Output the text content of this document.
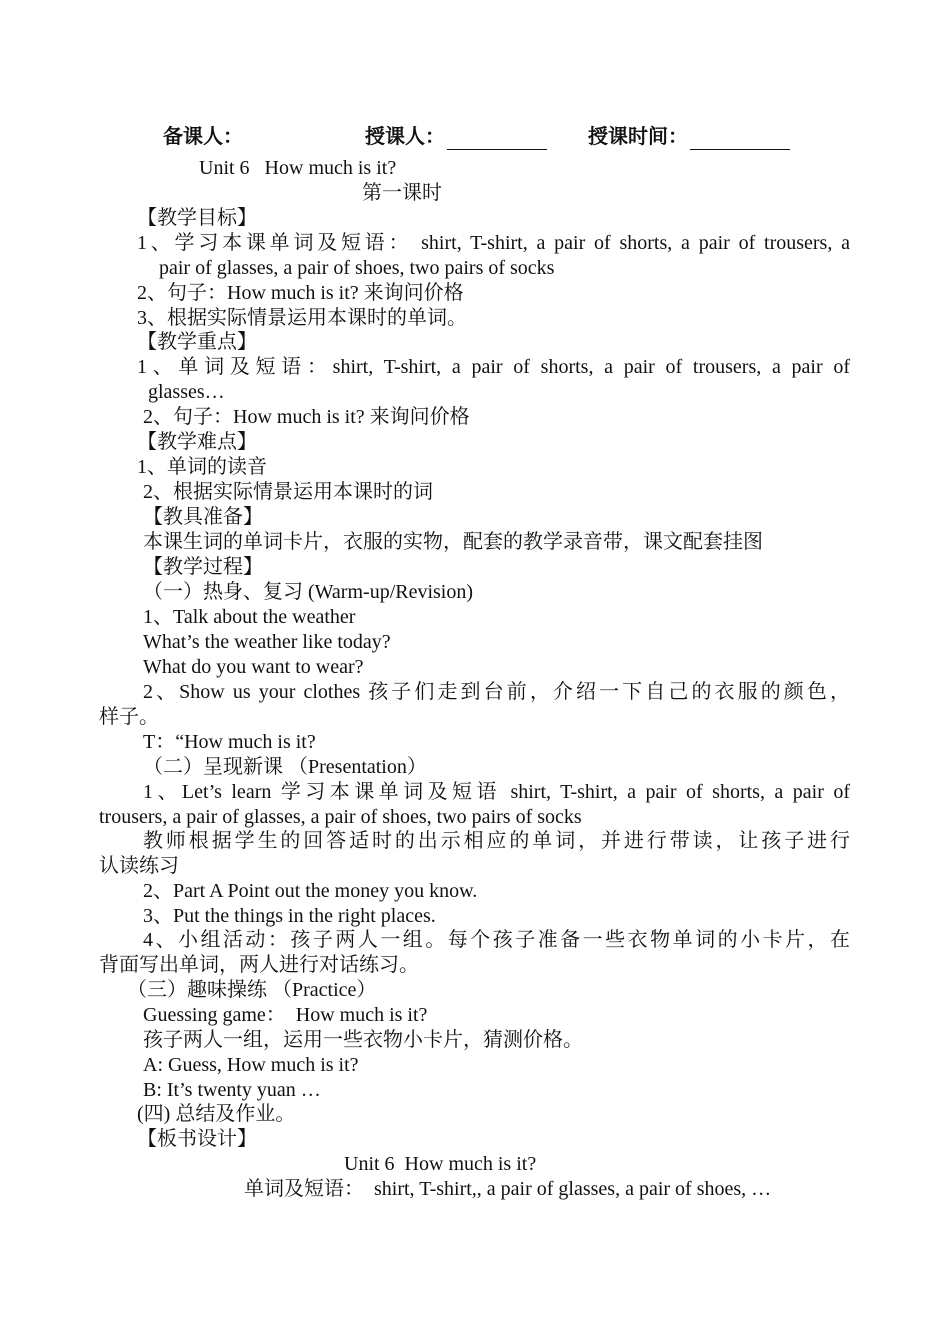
备课人：	授课人：	授课时间：
Unit 6   How much is it?
第一课时
【教学目标】
1、学习本课单词及短语： shirt, T-shirt, a pair of shorts, a pair of trousers, a
pair of glasses, a pair of shoes, two pairs of socks
2、句子：How much is it? 来询问价格
3、根据实际情景运用本课时的单词。
【教学重点】
1、单词及短语：shirt, T-shirt, a pair of shorts, a pair of trousers, a pair of
glasses…
2、句子：How much is it? 来询问价格
【教学难点】
1、单词的读音
2、根据实际情景运用本课时的词
【教具准备】
本课生词的单词卡片，衣服的实物，配套的教学录音带，课文配套挂图
【教学过程】
（一）热身、复习 (Warm-up/Revision)
1、Talk about the weather
What’s the weather like today?
What do you want to wear?
2、Show us your clothes 孩子们走到台前，介绍一下自己的衣服的颜色，
样子。
T：“How much is it?
（二）呈现新课 （Presentation）
1、Let’s learn 学习本课单词及短语 shirt, T-shirt, a pair of shorts, a pair of
trousers, a pair of glasses, a pair of shoes, two pairs of socks
教师根据学生的回答适时的出示相应的单词，并进行带读，让孩子进行
认读练习
2、Part A Point out the money you know.
3、Put the things in the right places.
4、小组活动：孩子两人一组。每个孩子准备一些衣物单词的小卡片，在
背面写出单词，两人进行对话练习。
（三）趣味操练 （Practice）
Guessing game：  How much is it?
孩子两人一组，运用一些衣物小卡片，猜测价格。
A: Guess, How much is it?
B: It’s twenty yuan …
(四) 总结及作业。
【板书设计】
Unit 6  How much is it?
单词及短语：  shirt, T-shirt,, a pair of glasses, a pair of shoes, …
